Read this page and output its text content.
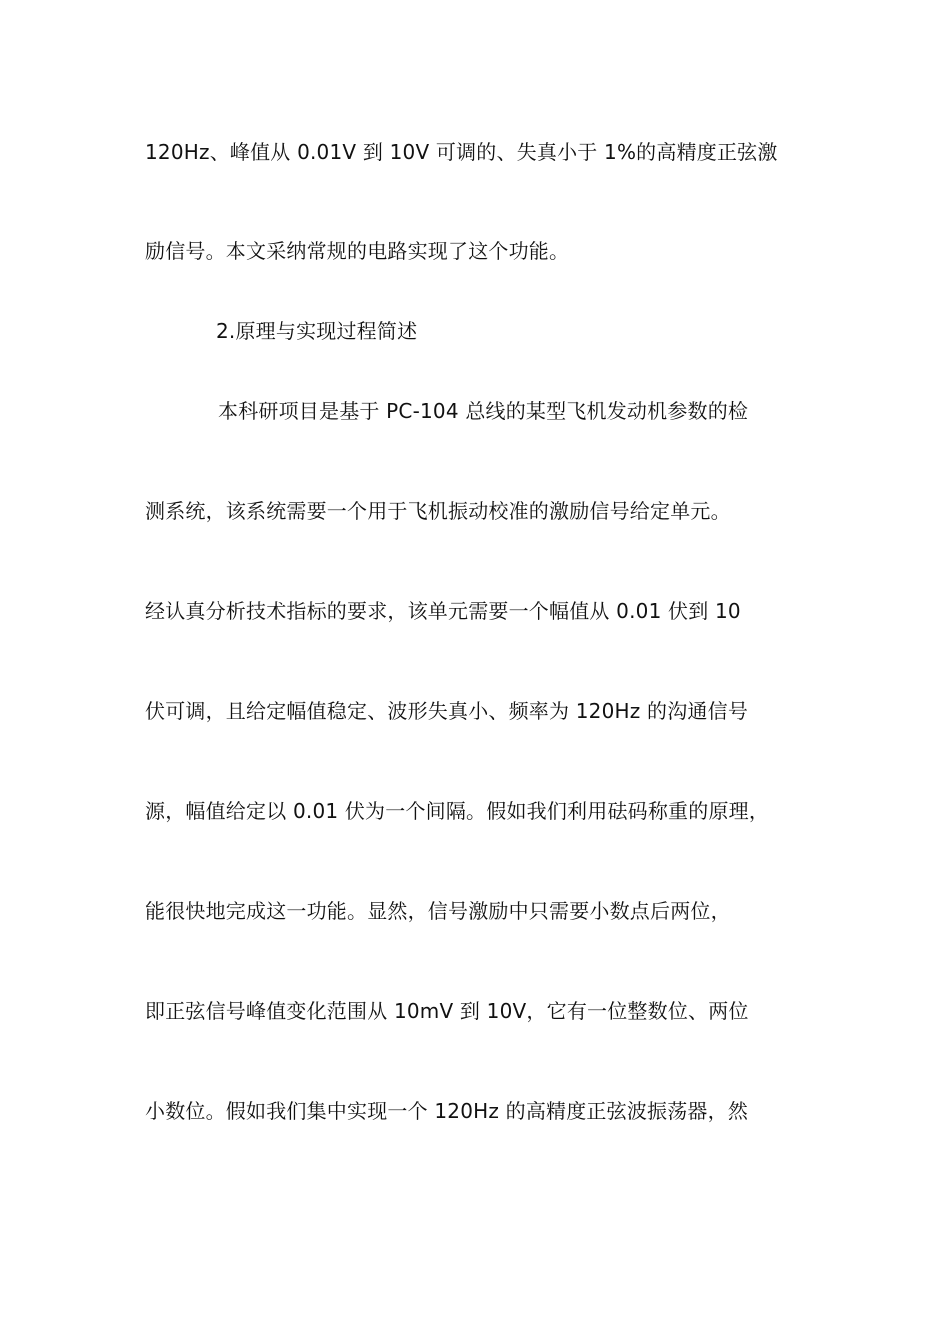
120Hz、峰值从 0.01V 到 10V 可调的、失真小于 1%的高精度正弦激
励信号。本文采纳常规的电路实现了这个功能。
2.原理与实现过程简述
本科研项目是基于 PC-104 总线的某型飞机发动机参数的检
测系统，该系统需要一个用于飞机振动校准的激励信号给定单元。
经认真分析技术指标的要求，该单元需要一个幅值从 0.01 伏到 10
伏可调，且给定幅值稳定、波形失真小、频率为 120Hz 的沟通信号
源，幅值给定以 0.01 伏为一个间隔。假如我们利用砝码称重的原理，
能很快地完成这一功能。显然，信号激励中只需要小数点后两位，
即正弦信号峰值变化范围从 10mV 到 10V，它有一位整数位、两位
小数位。假如我们集中实现一个 120Hz 的高精度正弦波振荡器，然
